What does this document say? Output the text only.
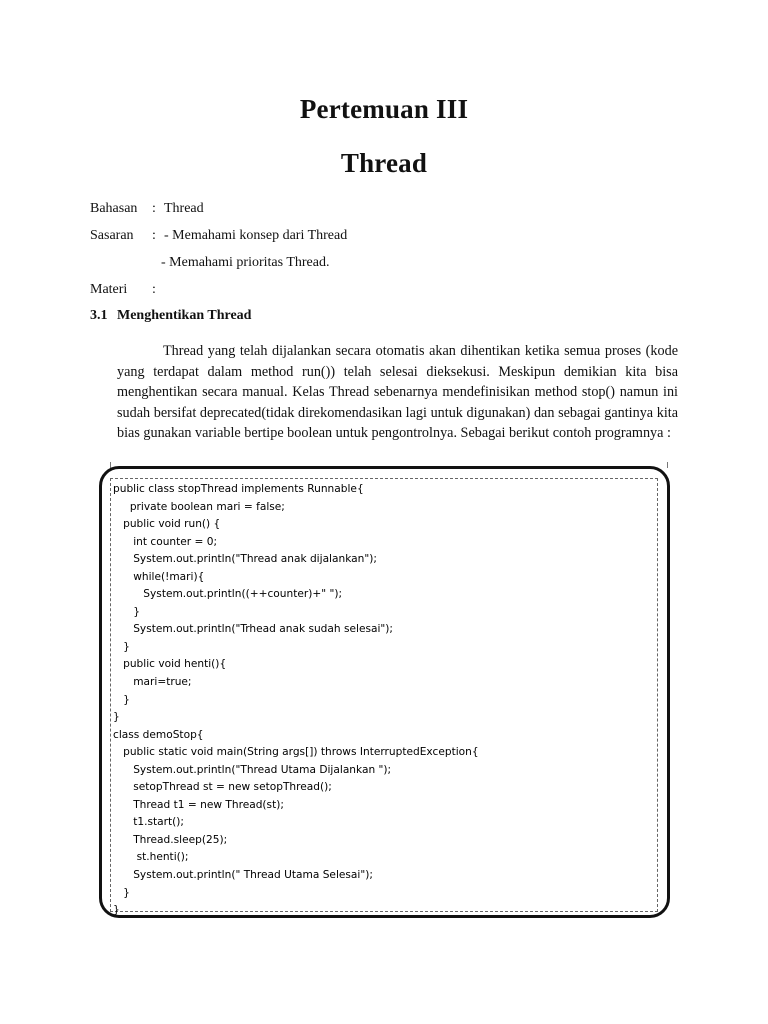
Pertemuan III
Thread
Bahasan : Thread
Sasaran : - Memahami konsep dari Thread
- Memahami prioritas Thread.
Materi :
3.1 Menghentikan Thread

Thread yang telah dijalankan secara otomatis akan dihentikan ketika semua proses (kode yang terdapat dalam method run()) telah selesai dieksekusi. Meskipun demikian kita bisa menghentikan secara manual. Kelas Thread sebenarnya mendefinisikan method stop() namun ini sudah bersifat deprecated(tidak direkomendasikan lagi untuk digunakan) dan sebagai gantinya kita bias gunakan variable bertipe boolean untuk pengontrolnya. Sebagai berikut contoh programnya :

public class stopThread implements Runnable{
private boolean mari = false;
public void run() {
int counter = 0;
System.out.println("Thread anak dijalankan");
while(!mari){
System.out.println((++counter)+" ");
}
System.out.println("Trhead anak sudah selesai");
}
public void henti(){
mari=true;
}
}
class demoStop{
public static void main(String args[]) throws InterruptedException{
System.out.println("Thread Utama Dijalankan ");
setopThread st = new setopThread();
Thread t1 = new Thread(st);
t1.start();
Thread.sleep(25);
st.henti();
System.out.println(" Thread Utama Selesai");
}
}
